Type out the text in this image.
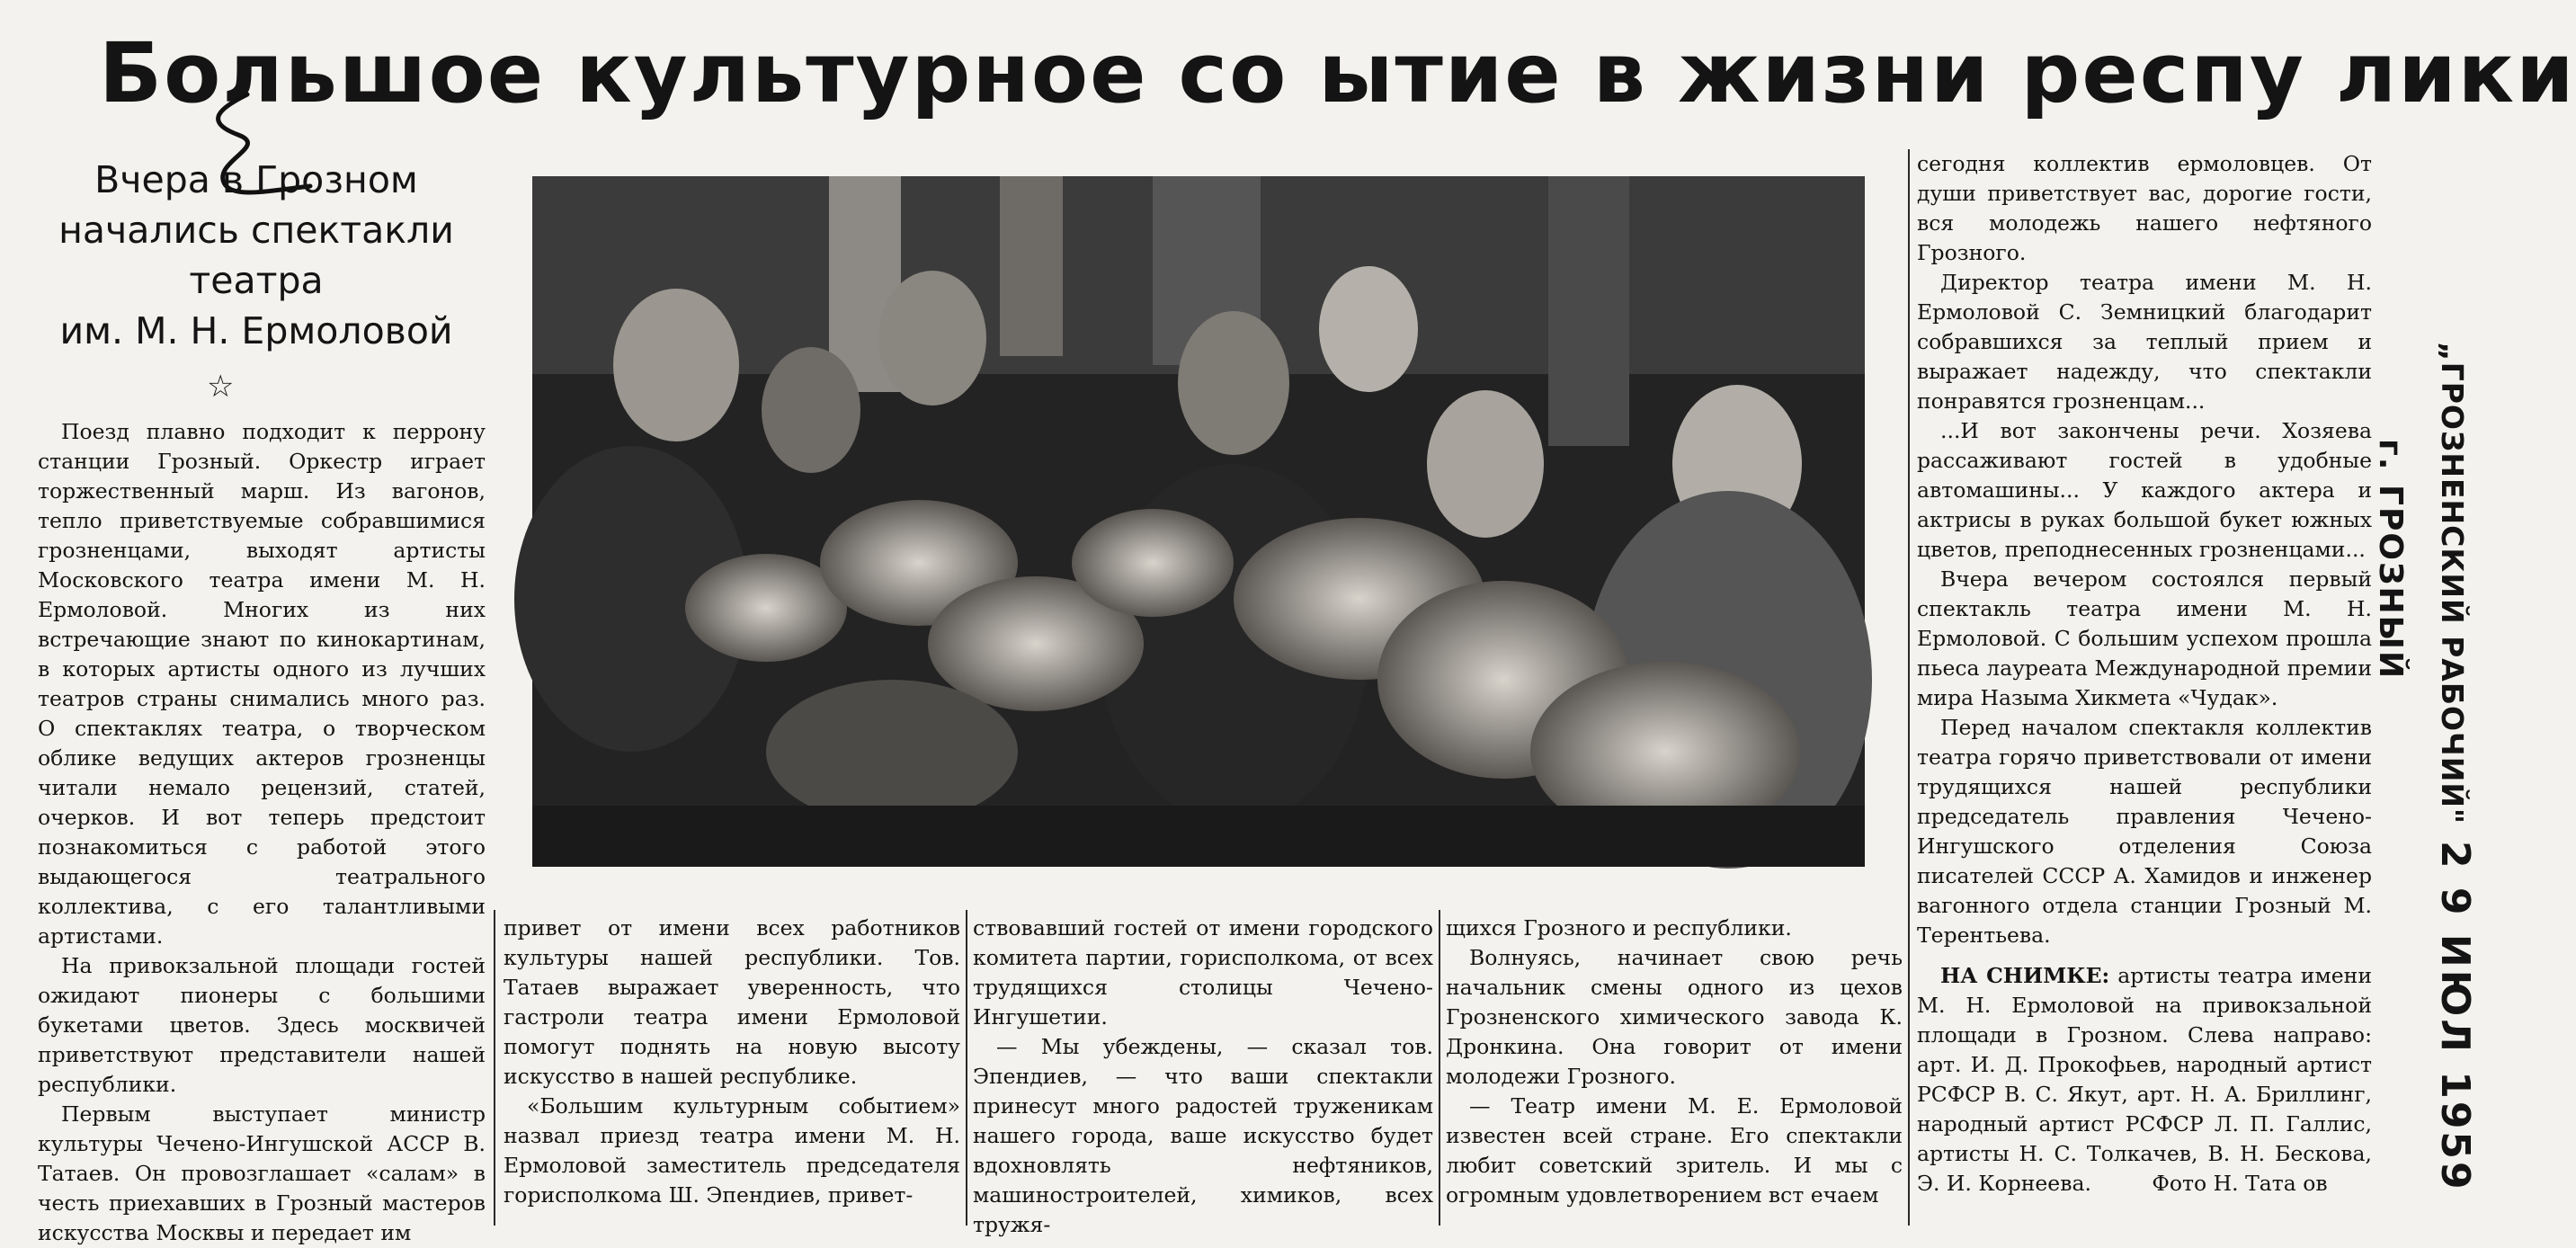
Большое культурное со ытие в жизни респу лики
Вчера в Грозном
начались спектакли
театра
им. М. Н. Ермоловой
☆

Поезд плавно подходит к перрону станции Грозный. Оркестр играет торжественный марш. Из вагонов, тепло приветствуемые собравшимися грозненцами, выходят артисты Московского театра имени М. Н. Ермоловой. Многих из них встречающие знают по кинокартинам, в которых артисты одного из лучших театров страны снимались много раз. О спектаклях театра, о творческом облике ведущих актеров грозненцы читали немало рецензий, статей, очерков. И вот теперь предстоит познакомиться с работой этого выдающегося театрального коллектива, с его талантливыми артистами.

На привокзальной площади гостей ожидают пионеры с большими букетами цветов. Здесь москвичей приветствуют представители нашей республики.

Первым выступает министр культуры Чечено-Ингушской АССР В. Татаев. Он провозглашает «салам» в честь приехавших в Грозный мастеров искусства Москвы и передает им

привет от имени всех работников культуры нашей республики. Тов. Татаев выражает уверенность, что гастроли театра имени Ермоловой помогут поднять на новую высоту искусство в нашей республике.

«Большим культурным событием» назвал приезд театра имени М. Н. Ермоловой заместитель председателя горисполкома Ш. Эпендиев, привет-

ствовавший гостей от имени городского комитета партии, горисполкома, от всех трудящихся столицы Чечено-Ингушетии.

— Мы убеждены, — сказал тов. Эпендиев, — что ваши спектакли принесут много радостей труженикам нашего города, ваше искусство будет вдохновлять нефтяников, машиностроителей, химиков, всех тружя-

щихся Грозного и республики.

Волнуясь, начинает свою речь начальник смены одного из цехов Грозненского химического завода К. Дронкина. Она говорит от имени молодежи Грозного.

— Театр имени М. Е. Ермоловой известен всей стране. Его спектакли любит советский зритель. И мы с огромным удовлетворением вст ечаем

сегодня коллектив ермоловцев. От души приветствует вас, дорогие гости, вся молодежь нашего нефтяного Грозного.

Директор театра имени М. Н. Ермоловой С. Земницкий благодарит собравшихся за теплый прием и выражает надежду, что спектакли понравятся грозненцам...

...И вот закончены речи. Хозяева рассаживают гостей в удобные автомашины... У каждого актера и актрисы в руках большой букет южных цветов, преподнесенных грозненцами...

Вчера вечером состоялся первый спектакль театра имени М. Н. Ермоловой. С большим успехом прошла пьеса лауреата Международной премии мира Назыма Хикмета «Чудак».

Перед началом спектакля коллектив театра горячо приветствовали от имени трудящихся нашей республики председатель правления Чечено-Ингушского отделения Союза писателей СССР А. Хамидов и инженер вагонного отдела станции Грозный М. Терентьева.

НА СНИМКЕ: артисты театра имени М. Н. Ермоловой на привокзальной площади в Грозном. Слева направо: арт. И. Д. Прокофьев, народный артист РСФСР В. С. Якут, арт. Н. А. Бриллинг, народный артист РСФСР Л. П. Галлис, артисты Н. С. Толкачев, В. Н. Бескова, Э. И. Корнеева.	Фото Н. Тата ов

„ГРОЗНЕНСКИЙ РАБОЧИЙ"
г. ГРОЗНЫЙ
2 9 ИЮЛ 1959
